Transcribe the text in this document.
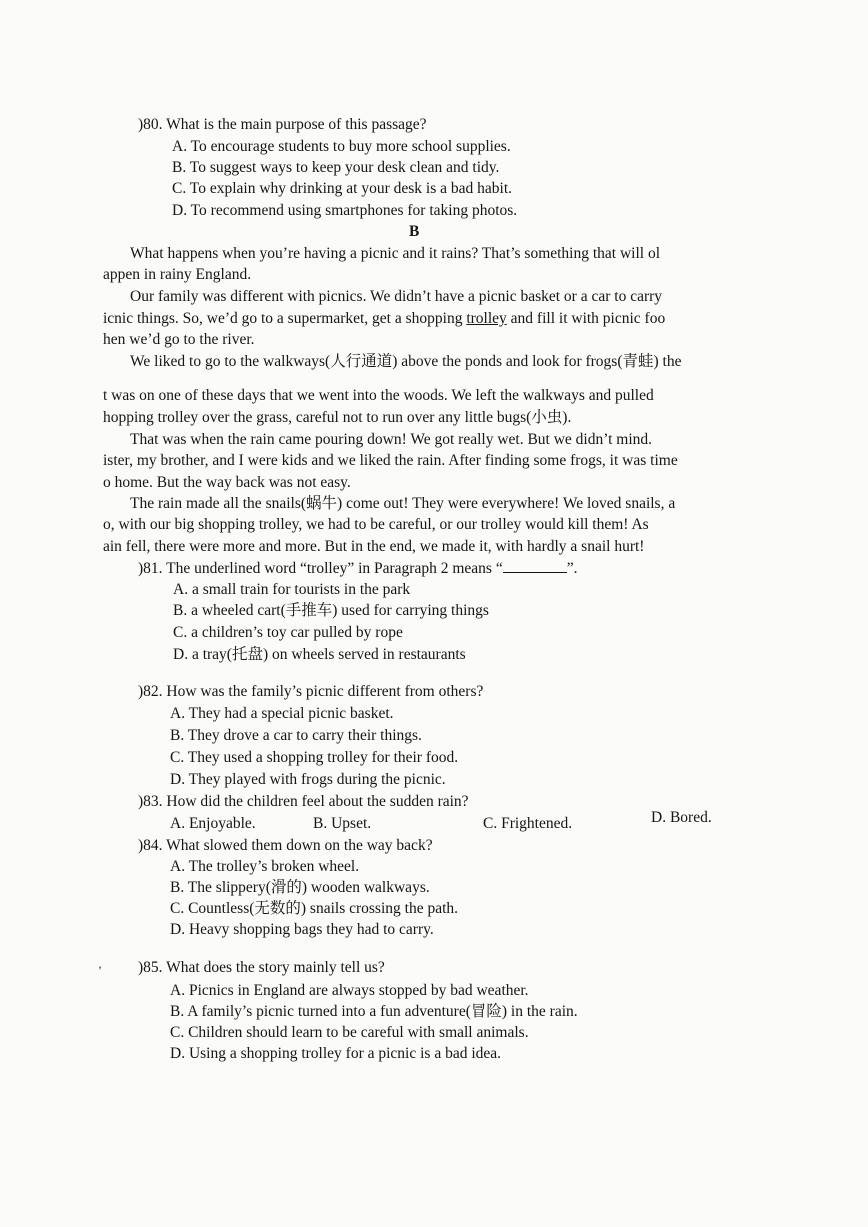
)80. What is the main purpose of this passage?
A. To encourage students to buy more school supplies.
B. To suggest ways to keep your desk clean and tidy.
C. To explain why drinking at your desk is a bad habit.
D. To recommend using smartphones for taking photos.
B
What happens when you’re having a picnic and it rains? That’s something that will ol
appen in rainy England.
Our family was different with picnics. We didn’t have a picnic basket or a car to carry
icnic things. So, we’d go to a supermarket, get a shopping trolley and fill it with picnic foo
hen we’d go to the river.
We liked to go to the walkways(人行通道) above the ponds and look for frogs(青蛙) the
t was on one of these days that we went into the woods. We left the walkways and pulled
hopping trolley over the grass, careful not to run over any little bugs(小虫).
That was when the rain came pouring down! We got really wet. But we didn’t mind.
ister, my brother, and I were kids and we liked the rain. After finding some frogs, it was time
o home. But the way back was not easy.
The rain made all the snails(蜗牛) come out! They were everywhere! We loved snails, a
o, with our big shopping trolley, we had to be careful, or our trolley would kill them! As
ain fell, there were more and more. But in the end, we made it, with hardly a snail hurt!
)81. The underlined word “trolley” in Paragraph 2 means “	”.
A. a small train for tourists in the park
B. a wheeled cart(手推车) used for carrying things
C. a children’s toy car pulled by rope
D. a tray(托盘) on wheels served in restaurants
)82. How was the family’s picnic different from others?
A. They had a special picnic basket.
B. They drove a car to carry their things.
C. They used a shopping trolley for their food.
D. They played with frogs during the picnic.
)83. How did the children feel about the sudden rain?
A. Enjoyable.	B. Upset.	C. Frightened.	D. Bored.
)84. What slowed them down on the way back?
A. The trolley’s broken wheel.
B. The slippery(滑的) wooden walkways.
C. Countless(无数的) snails crossing the path.
D. Heavy shopping bags they had to carry.
’ )85. What does the story mainly tell us?
A. Picnics in England are always stopped by bad weather.
B. A family’s picnic turned into a fun adventure(冒险) in the rain.
C. Children should learn to be careful with small animals.
D. Using a shopping trolley for a picnic is a bad idea.
